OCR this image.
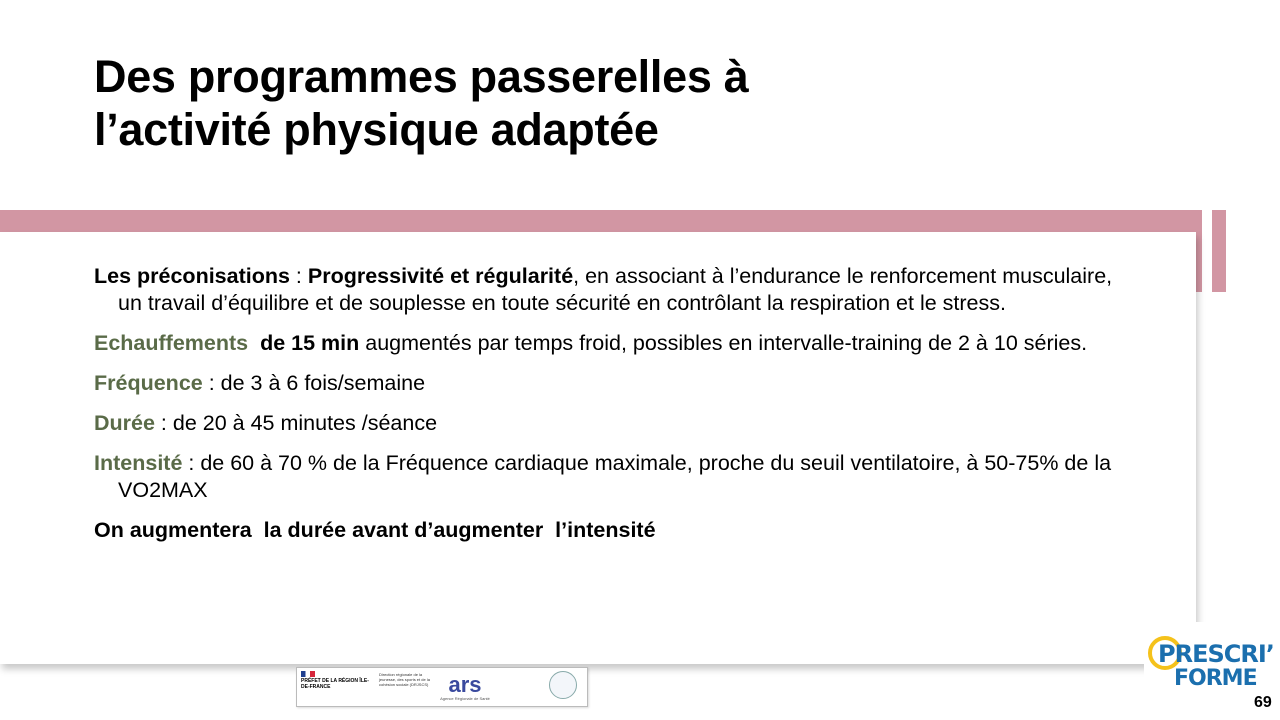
Des programmes passerelles à
l’activité physique adaptée

Les préconisations : Progressivité et régularité, en associant à l’endurance le renforcement musculaire, un travail d’équilibre et de souplesse en toute sécurité en contrôlant la respiration et le stress.

Echauffements de 15 min augmentés par temps froid, possibles en intervalle-training de 2 à 10 séries.

Fréquence : de 3 à 6 fois/semaine

Durée : de 20 à 45 minutes /séance

Intensité : de 60 à 70 % de la Fréquence cardiaque maximale, proche du seuil ventilatoire, à 50-75% de la VO2MAX

On augmentera  la durée avant d’augmenter  l’intensité

PRÉFET DE LA RÉGION ÎLE-DE-FRANCE
Direction régionale de la jeunesse, des sports et de la cohésion sociale (DRJSCS) ars
Agence Régionale de Santé
PRESCRI’
FORME
69
